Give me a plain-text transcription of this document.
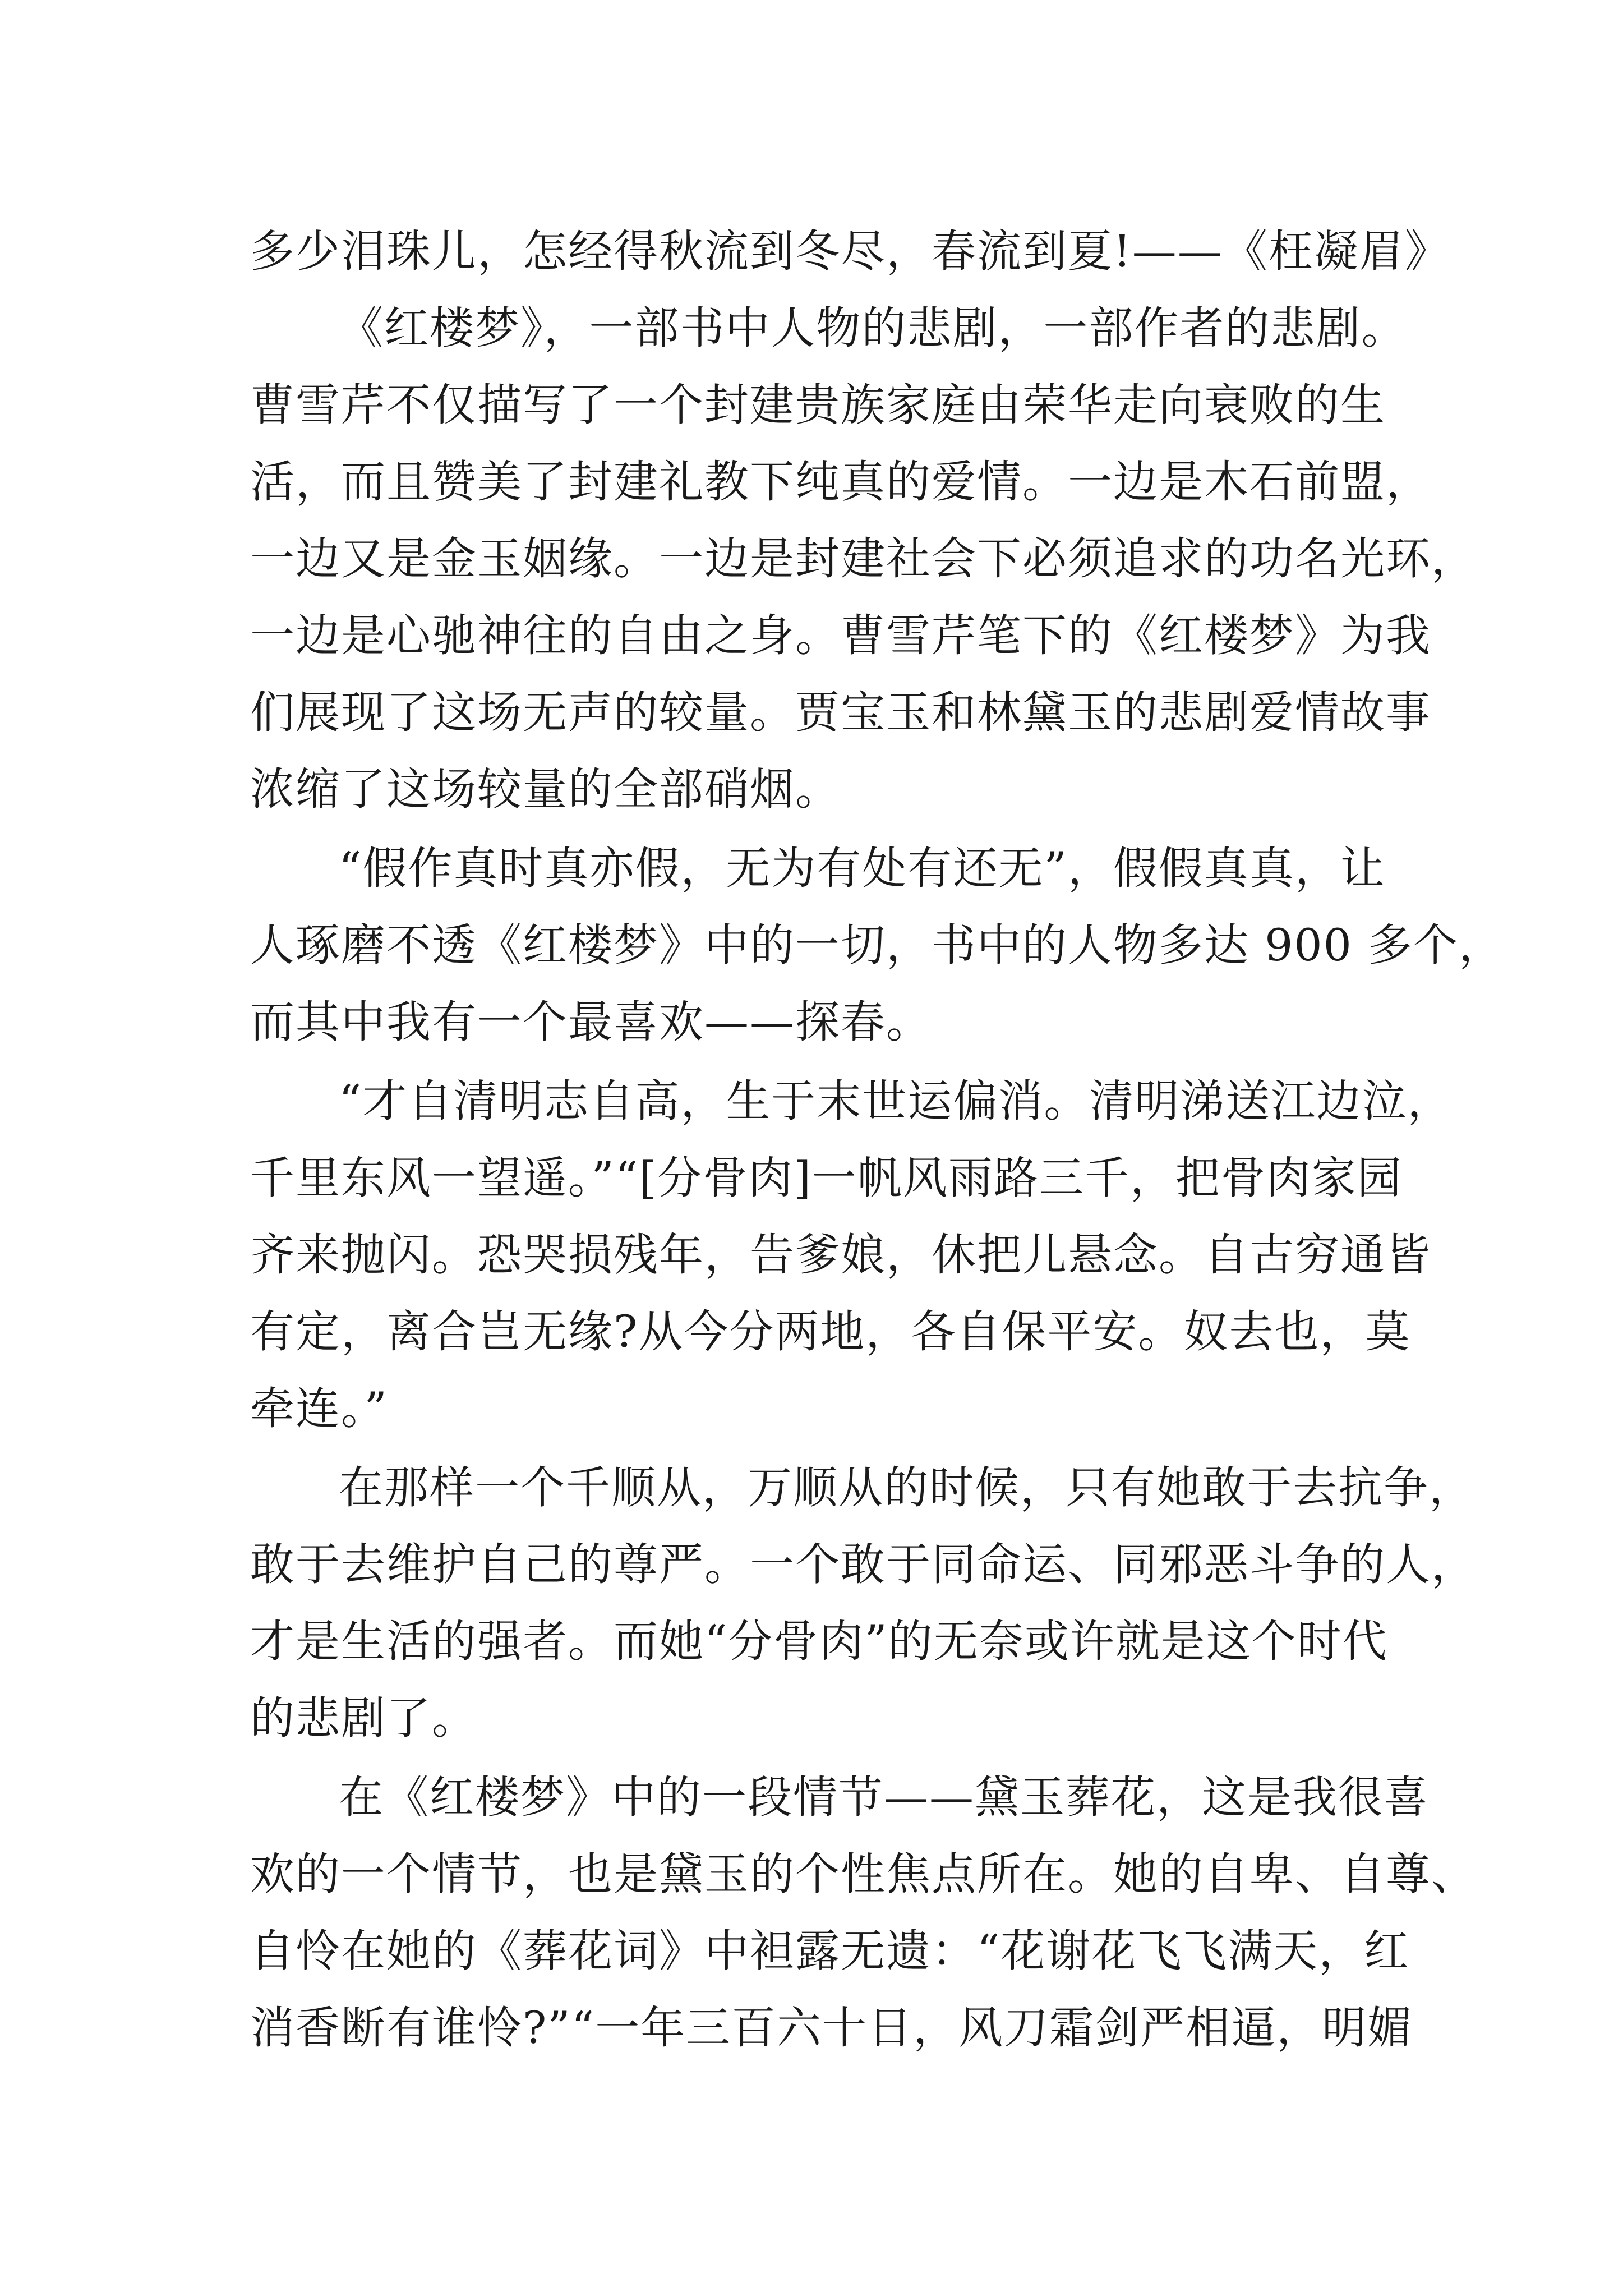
多少泪珠儿，怎经得秋流到冬尽，春流到夏!——《枉凝眉》
《红楼梦》，一部书中人物的悲剧，一部作者的悲剧。
曹雪芹不仅描写了一个封建贵族家庭由荣华走向衰败的生
活，而且赞美了封建礼教下纯真的爱情。一边是木石前盟，
一边又是金玉姻缘。一边是封建社会下必须追求的功名光环，
一边是心驰神往的自由之身。曹雪芹笔下的《红楼梦》为我
们展现了这场无声的较量。贾宝玉和林黛玉的悲剧爱情故事
浓缩了这场较量的全部硝烟。
“假作真时真亦假，无为有处有还无”，假假真真，让
人琢磨不透《红楼梦》中的一切，书中的人物多达 900 多个，
而其中我有一个最喜欢——探春。
“才自清明志自高，生于末世运偏消。清明涕送江边泣，
千里东风一望遥。”“[分骨肉]一帆风雨路三千，把骨肉家园
齐来抛闪。恐哭损残年，告爹娘，休把儿悬念。自古穷通皆
有定，离合岂无缘?从今分两地，各自保平安。奴去也，莫
牵连。”
在那样一个千顺从，万顺从的时候，只有她敢于去抗争，
敢于去维护自己的尊严。一个敢于同命运、同邪恶斗争的人，
才是生活的强者。而她“分骨肉”的无奈或许就是这个时代
的悲剧了。
在《红楼梦》中的一段情节——黛玉葬花，这是我很喜
欢的一个情节，也是黛玉的个性焦点所在。她的自卑、自尊、
自怜在她的《葬花词》中袒露无遗：“花谢花飞飞满天，红
消香断有谁怜?”“一年三百六十日，风刀霜剑严相逼，明媚
